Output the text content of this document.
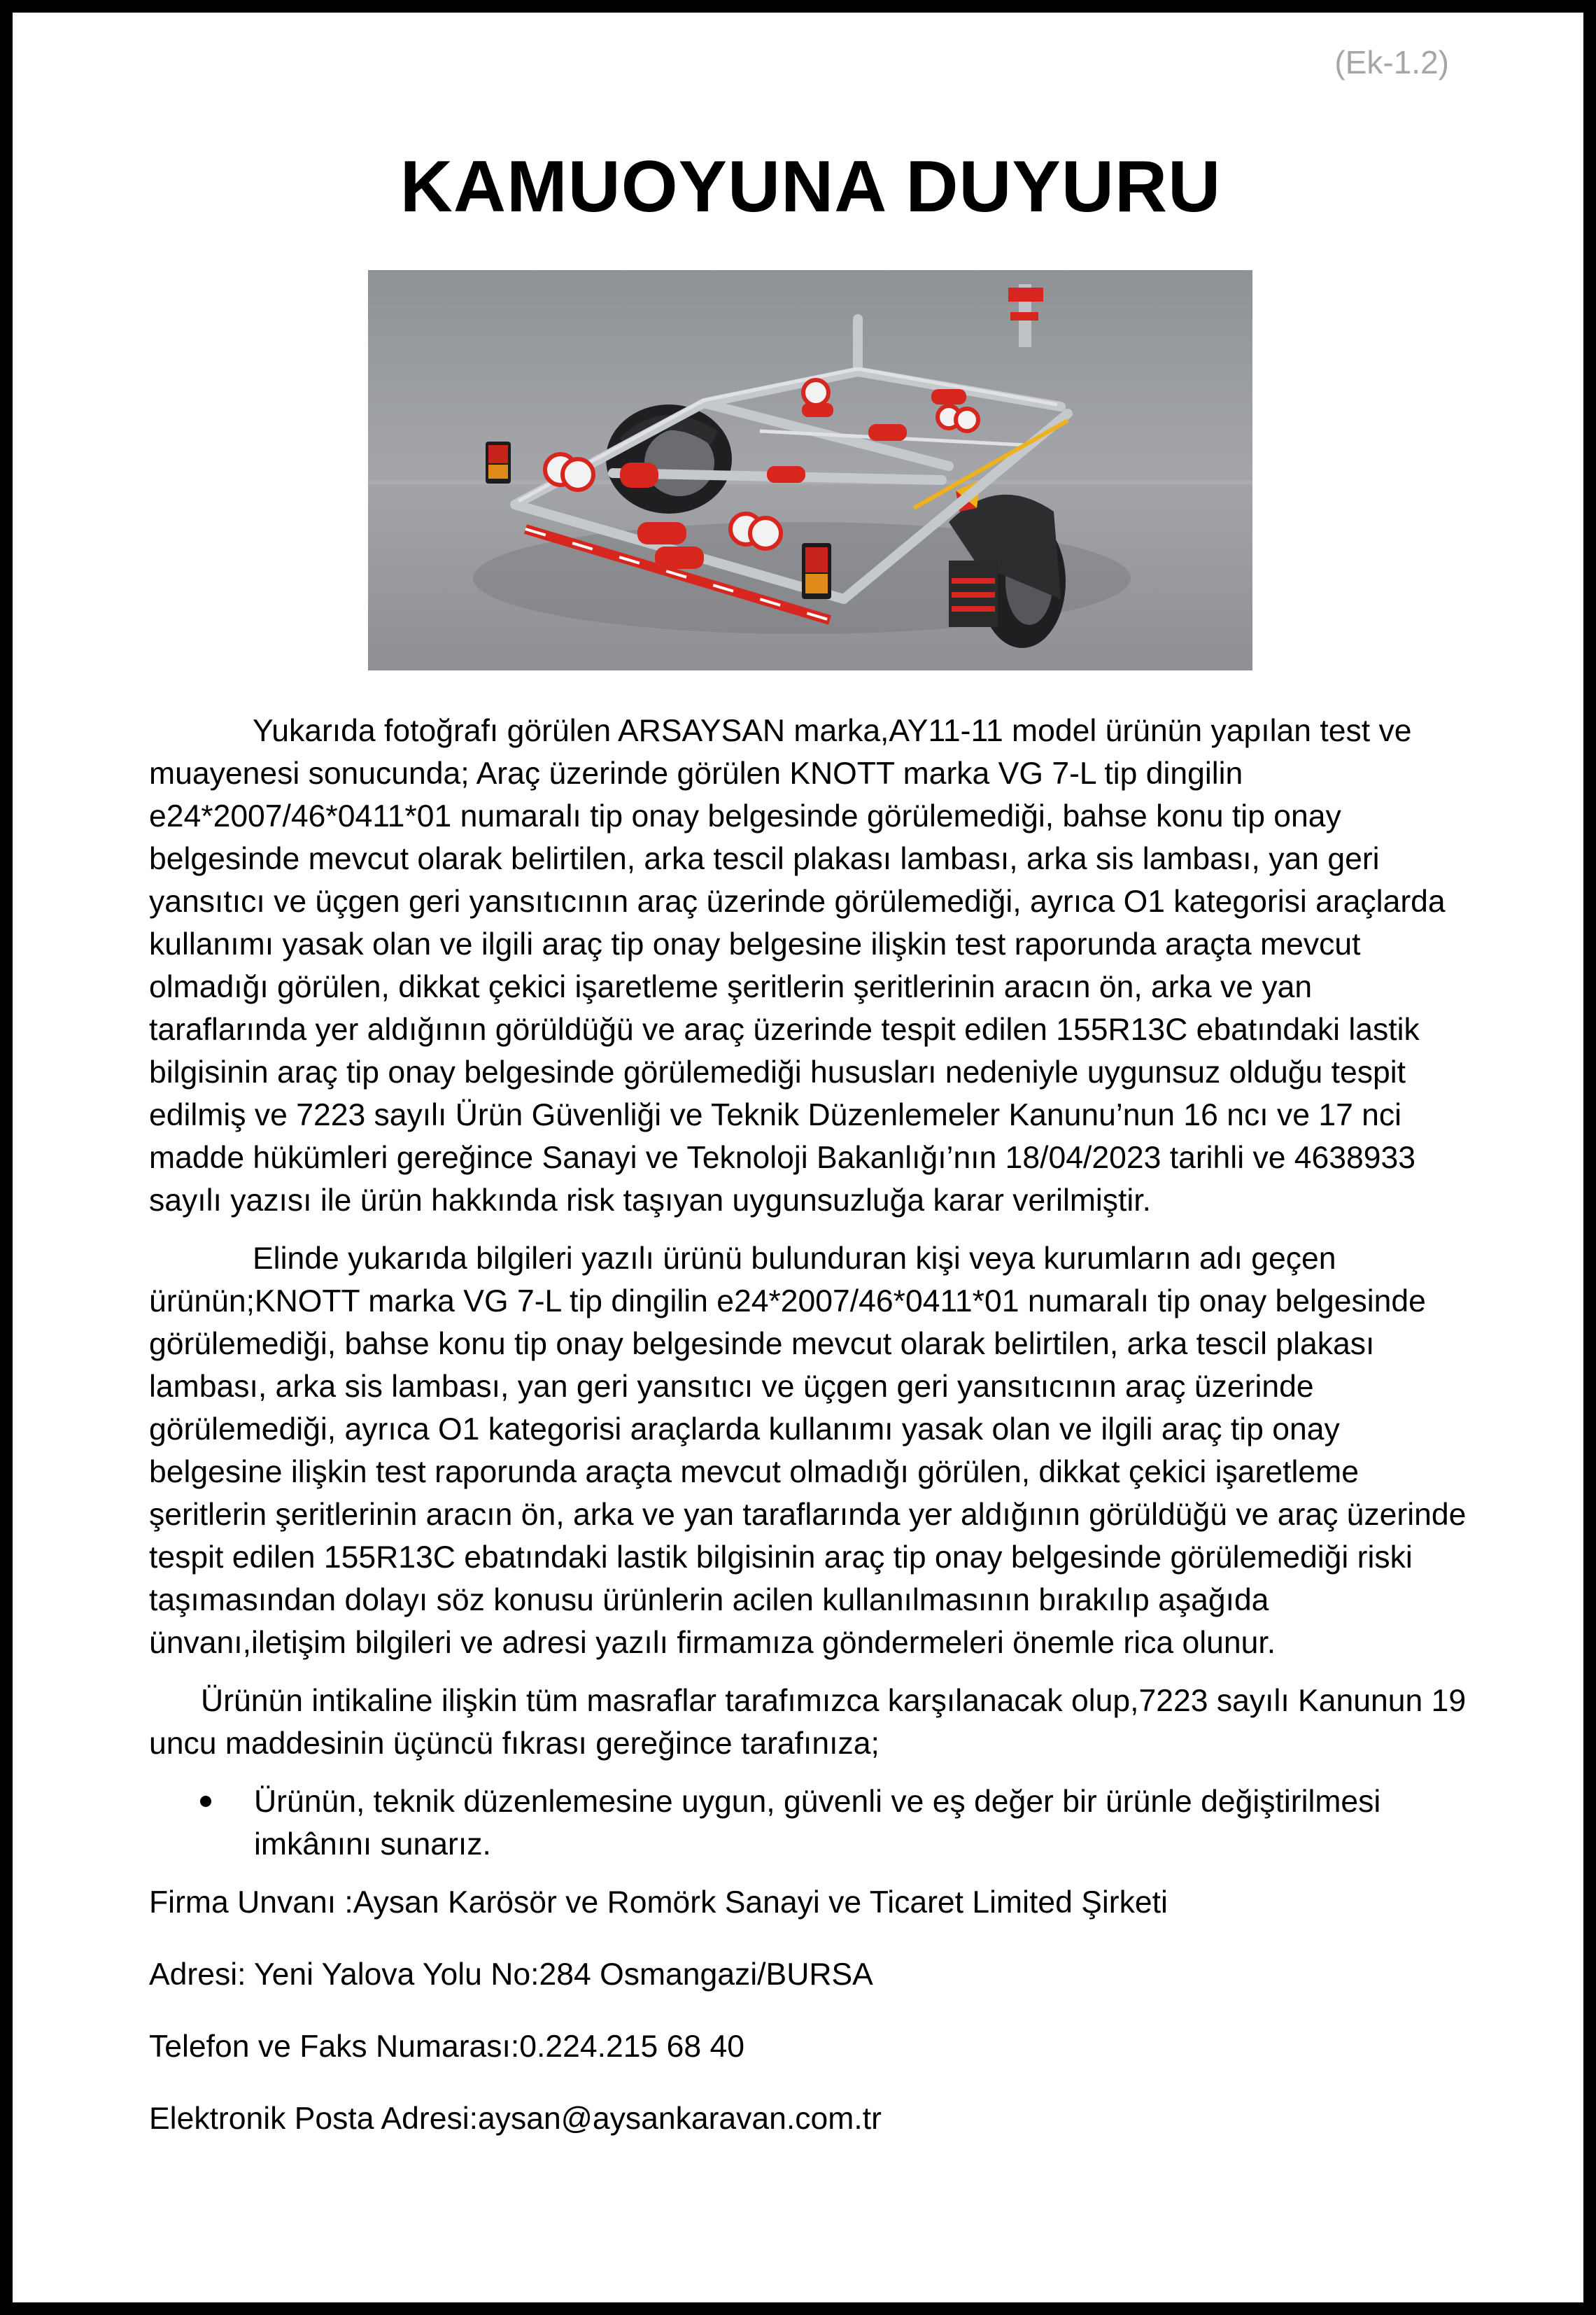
(Ek-1.2)
KAMUOYUNA DUYURU

Yukarıda fotoğrafı görülen ARSAYSAN marka,AY11-11 model ürünün yapılan test ve muayenesi sonucunda; Araç üzerinde görülen KNOTT marka VG 7-L tip dingilin e24*2007/46*0411*01 numaralı tip onay belgesinde görülemediği, bahse konu tip onay belgesinde mevcut olarak belirtilen, arka tescil plakası lambası, arka sis lambası, yan geri yansıtıcı ve üçgen geri yansıtıcının araç üzerinde görülemediği, ayrıca O1 kategorisi araçlarda kullanımı yasak olan ve ilgili araç tip onay belgesine ilişkin test raporunda araçta mevcut olmadığı görülen, dikkat çekici işaretleme şeritlerin şeritlerinin aracın ön, arka ve yan taraflarında yer aldığının görüldüğü ve araç üzerinde tespit edilen 155R13C ebatındaki lastik bilgisinin araç tip onay belgesinde görülemediği hususları nedeniyle uygunsuz olduğu tespit edilmiş ve 7223 sayılı Ürün Güvenliği ve Teknik Düzenlemeler Kanunu’nun 16 ncı ve 17 nci madde hükümleri gereğince Sanayi ve Teknoloji Bakanlığı’nın 18/04/2023 tarihli ve 4638933 sayılı yazısı ile ürün hakkında risk taşıyan uygunsuzluğa karar verilmiştir.

Elinde yukarıda bilgileri yazılı ürünü bulunduran kişi veya kurumların adı geçen ürünün;KNOTT marka VG 7-L tip dingilin e24*2007/46*0411*01 numaralı tip onay belgesinde görülemediği, bahse konu tip onay belgesinde mevcut olarak belirtilen, arka tescil plakası lambası, arka sis lambası, yan geri yansıtıcı ve üçgen geri yansıtıcının araç üzerinde görülemediği, ayrıca O1 kategorisi araçlarda kullanımı yasak olan ve ilgili araç tip onay belgesine ilişkin test raporunda araçta mevcut olmadığı görülen, dikkat çekici işaretleme şeritlerin şeritlerinin aracın ön, arka ve yan taraflarında yer aldığının görüldüğü ve araç üzerinde tespit edilen 155R13C ebatındaki lastik bilgisinin araç tip onay belgesinde görülemediği riski taşımasından dolayı söz konusu ürünlerin acilen kullanılmasının bırakılıp aşağıda ünvanı,iletişim bilgileri ve adresi yazılı firmamıza göndermeleri önemle rica olunur.

Ürünün intikaline ilişkin tüm masraflar tarafımızca karşılanacak olup,7223 sayılı Kanunun 19 uncu maddesinin üçüncü fıkrası gereğince tarafınıza;

Ürünün, teknik düzenlemesine uygun, güvenli ve eş değer bir ürünle değiştirilmesi imkânını sunarız.

Firma Unvanı :Aysan Karösör ve Romörk Sanayi ve Ticaret Limited Şirketi

Adresi: Yeni Yalova Yolu No:284 Osmangazi/BURSA

Telefon ve Faks Numarası:0.224.215 68 40

Elektronik Posta Adresi:aysan@aysankaravan.com.tr
